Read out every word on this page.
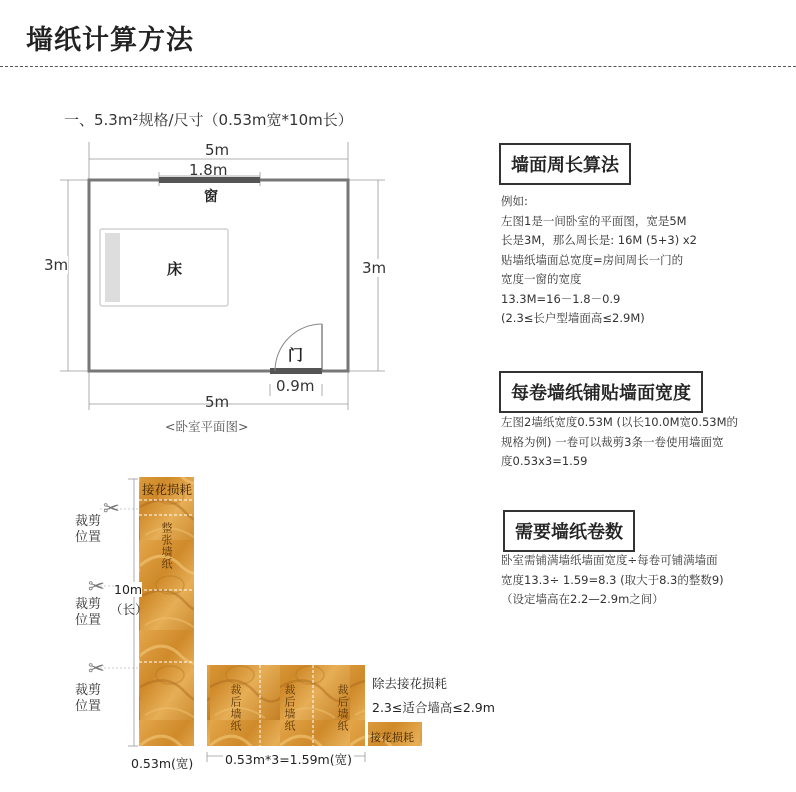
墙纸计算方法
一、5.3m²规格/尺寸（0.53m宽*10m长）
5m
1.8m
窗
3m	3m
床
门
0.9m
5m
<卧室平面图>
墙面周长算法
例如:
左图1是一间卧室的平面图，宽是5M
长是3M，那么周长是: 16M (5+3) x2
贴墙纸墙面总宽度=房间周长一门的
宽度一窗的宽度
13.3M=16－1.8－0.9
(2.3≤长户型墙面高≤2.9M)
每卷墙纸铺贴墙面宽度
左图2墙纸宽度0.53M (以长10.0M宽0.53M的
规格为例) 一卷可以裁剪3条一卷使用墙面宽
度0.53x3=1.59
需要墙纸卷数
卧室需铺满墙纸墙面宽度÷每卷可铺满墙面
宽度13.3÷ 1.59=8.3 (取大于8.3的整数9)
（设定墙高在2.2—2.9m之间）
接花损耗
整张墙纸
✂
裁剪位置
✂
裁剪位置
✂
裁剪位置
10m
（长）
0.53m(宽)
裁后墙纸	裁后墙纸	裁后墙纸
除去接花损耗
2.3≤适合墙高≤2.9m
接花损耗
0.53m*3=1.59m(宽)
